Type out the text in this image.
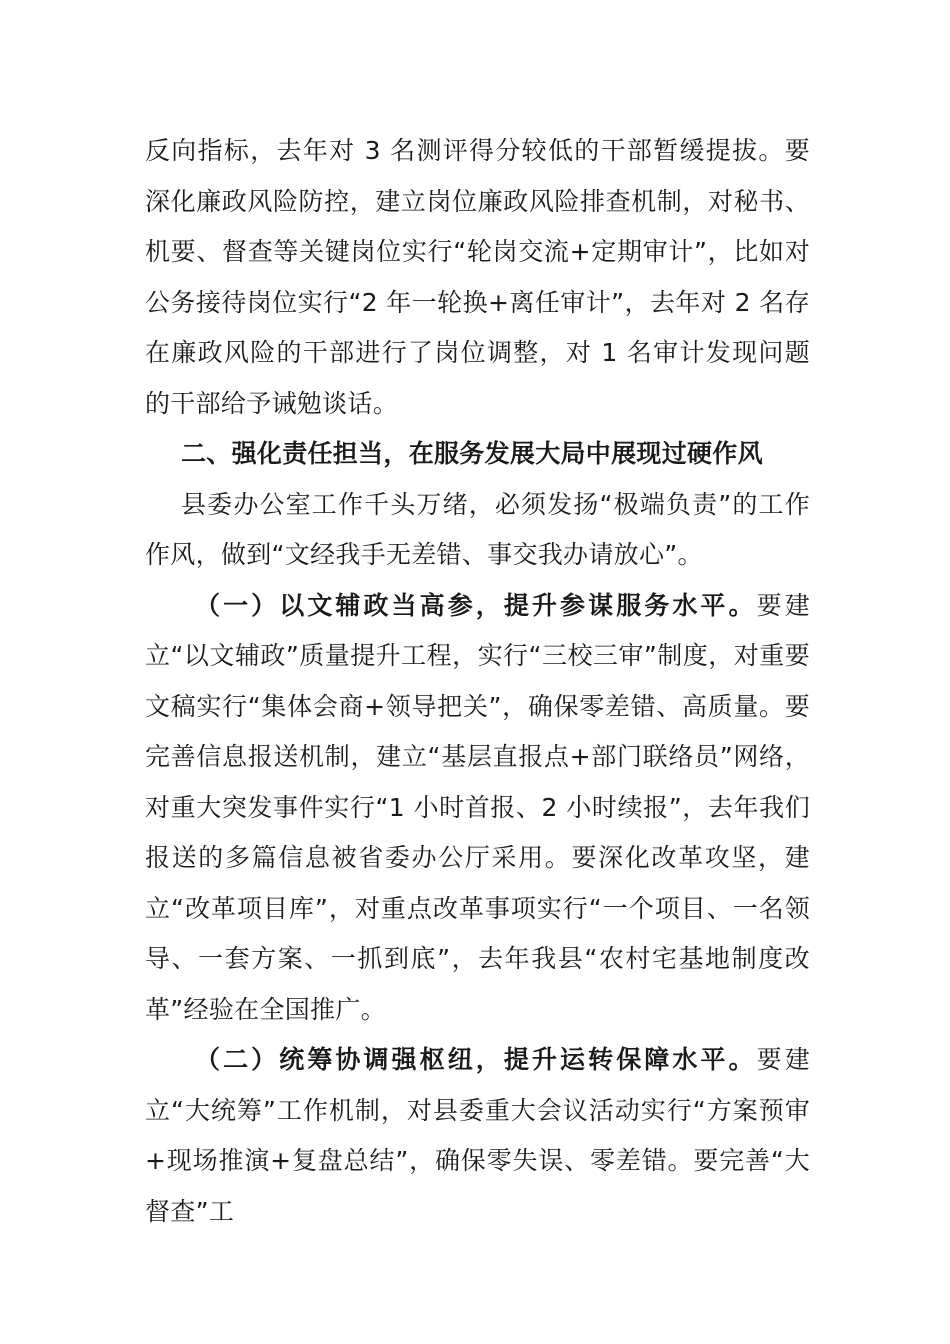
反向指标，去年对 3 名测评得分较低的干部暂缓提拔。要深化廉政风险防控，建立岗位廉政风险排查机制，对秘书、机要、督查等关键岗位实行“轮岗交流+定期审计”，比如对公务接待岗位实行“2 年一轮换+离任审计”，去年对 2 名存在廉政风险的干部进行了岗位调整，对 1 名审计发现问题的干部给予诫勉谈话。

二、强化责任担当，在服务发展大局中展现过硬作风

县委办公室工作千头万绪，必须发扬“极端负责”的工作作风，做到“文经我手无差错、事交我办请放心”。

（一）以文辅政当高参，提升参谋服务水平。要建立“以文辅政”质量提升工程，实行“三校三审”制度，对重要文稿实行“集体会商+领导把关”，确保零差错、高质量。要完善信息报送机制，建立“基层直报点+部门联络员”网络，对重大突发事件实行“1 小时首报、2 小时续报”，去年我们报送的多篇信息被省委办公厅采用。要深化改革攻坚，建立“改革项目库”，对重点改革事项实行“一个项目、一名领导、一套方案、一抓到底”，去年我县“农村宅基地制度改革”经验在全国推广。

（二）统筹协调强枢纽，提升运转保障水平。要建立“大统筹”工作机制，对县委重大会议活动实行“方案预审+现场推演+复盘总结”，确保零失误、零差错。要完善“大督查”工
